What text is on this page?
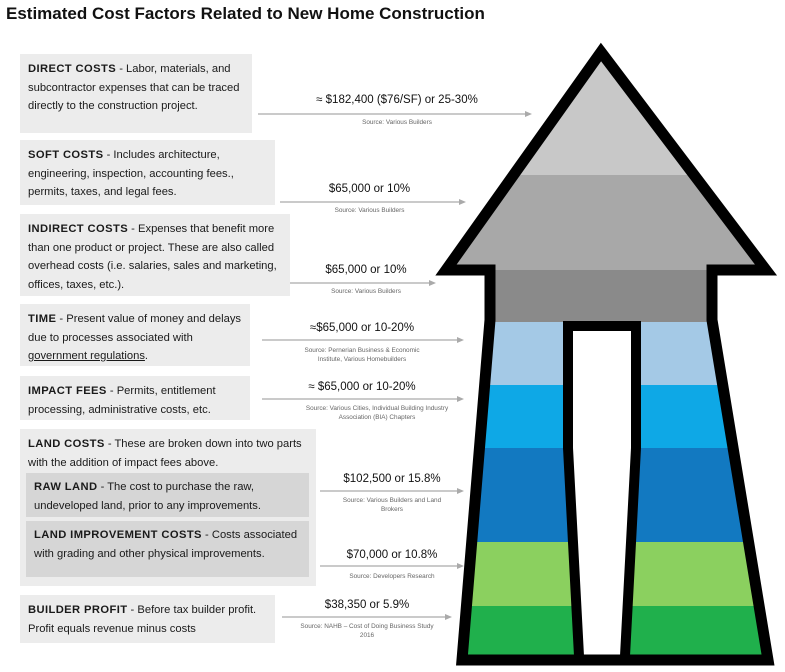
Estimated Cost Factors Related to New Home Construction
DIRECT COSTS - Labor, materials, and subcontractor expenses that can be traced directly to the construction project.
SOFT COSTS - Includes architecture, engineering, inspection, accounting fees., permits, taxes, and legal fees.
INDIRECT COSTS - Expenses that benefit more than one product or project. These are also called overhead costs (i.e. salaries, sales and marketing, offices, taxes, etc.).
TIME - Present value of money and delays due to processes associated with government regulations.
IMPACT FEES - Permits, entitlement processing, administrative costs, etc.
LAND COSTS - These are broken down into two parts with the addition of impact fees above.
RAW LAND - The cost to purchase the raw, undeveloped land, prior to any improvements.
LAND IMPROVEMENT COSTS - Costs associated with grading and other physical improvements.
BUILDER PROFIT - Before tax builder profit. Profit equals revenue minus costs
≈ $182,400 ($76/SF) or 25-30%
Source: Various Builders
$65,000 or 10%
Source: Various Builders
$65,000 or 10%
Source: Various Builders
≈$65,000 or 10-20%
Source: Pernerian Business & Economic Institute, Various Homebuilders
≈ $65,000 or 10-20%
Source: Various Cities, Individual Building Industry Association (BIA) Chapters
$102,500 or 15.8%
Source: Various Builders and Land Brokers
$70,000 or 10.8%
Source: Developers Research
$38,350 or 5.9%
Source: NAHB – Cost of Doing Business Study 2016
